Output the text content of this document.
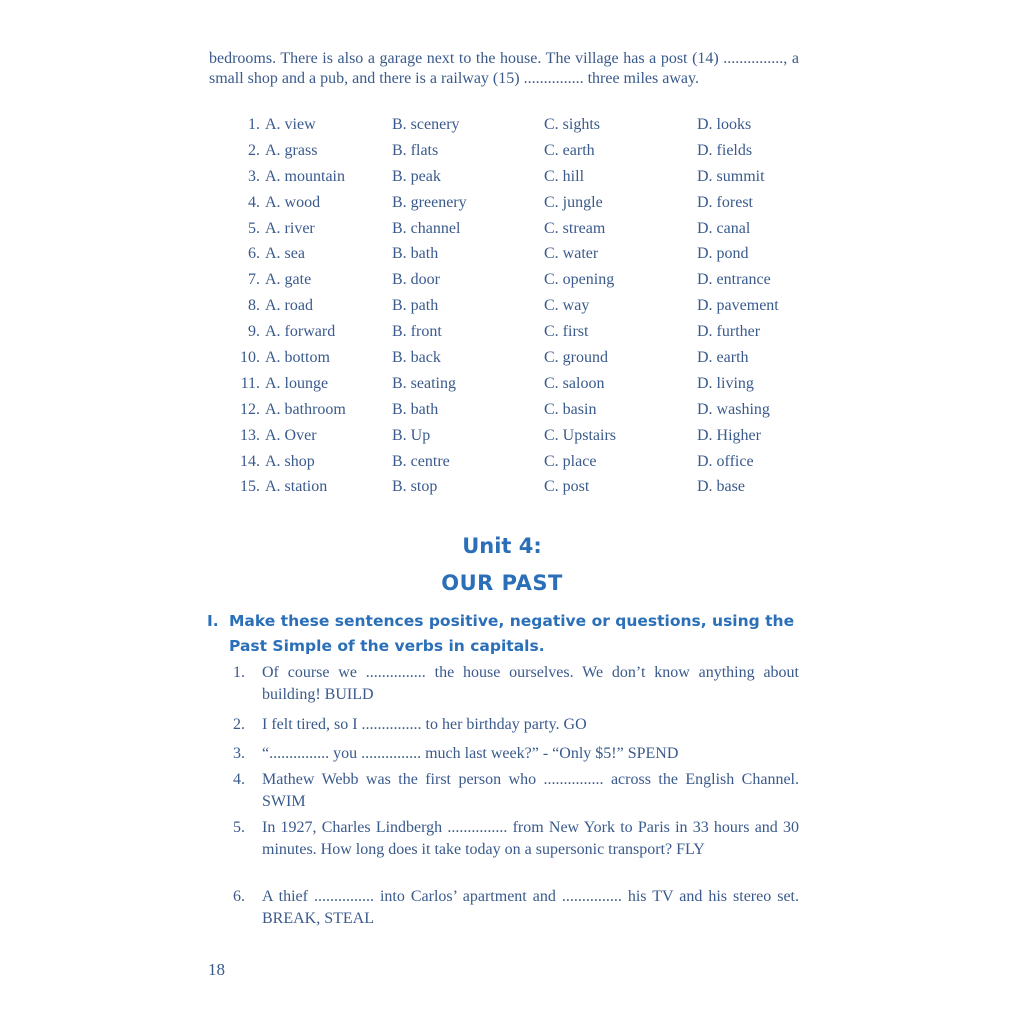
bedrooms. There is also a garage next to the house. The village has a post (14) ..............., a small shop and a pub, and there is a railway (15) ............... three miles away.
1. A. view	B. scenery	C. sights	D. looks
2. A. grass	B. flats	C. earth	D. fields
3. A. mountain	B. peak	C. hill	D. summit
4. A. wood	B. greenery	C. jungle	D. forest
5. A. river	B. channel	C. stream	D. canal
6. A. sea	B. bath	C. water	D. pond
7. A. gate	B. door	C. opening	D. entrance
8. A. road	B. path	C. way	D. pavement
9. A. forward	B. front	C. first	D. further
10. A. bottom	B. back	C. ground	D. earth
11. A. lounge	B. seating	C. saloon	D. living
12. A. bathroom	B. bath	C. basin	D. washing
13. A. Over	B. Up	C. Upstairs	D. Higher
14. A. shop	B. centre	C. place	D. office
15. A. station	B. stop	C. post	D. base
Unit 4:
OUR PAST
I. Make these sentences positive, negative or questions, using the Past Simple of the verbs in capitals.
1.	Of course we ............... the house ourselves. We don’t know anything about building! BUILD
2.	I felt tired, so I ............... to her birthday party. GO
3.	“............... you ............... much last week?” - “Only $5!” SPEND
4.	Mathew Webb was the first person who ............... across the English Channel. SWIM
5.	In 1927, Charles Lindbergh ............... from New York to Paris in 33 hours and 30 minutes. How long does it take today on a supersonic transport? FLY
6.	A thief ............... into Carlos’ apartment and ............... his TV and his stereo set. BREAK, STEAL
18
